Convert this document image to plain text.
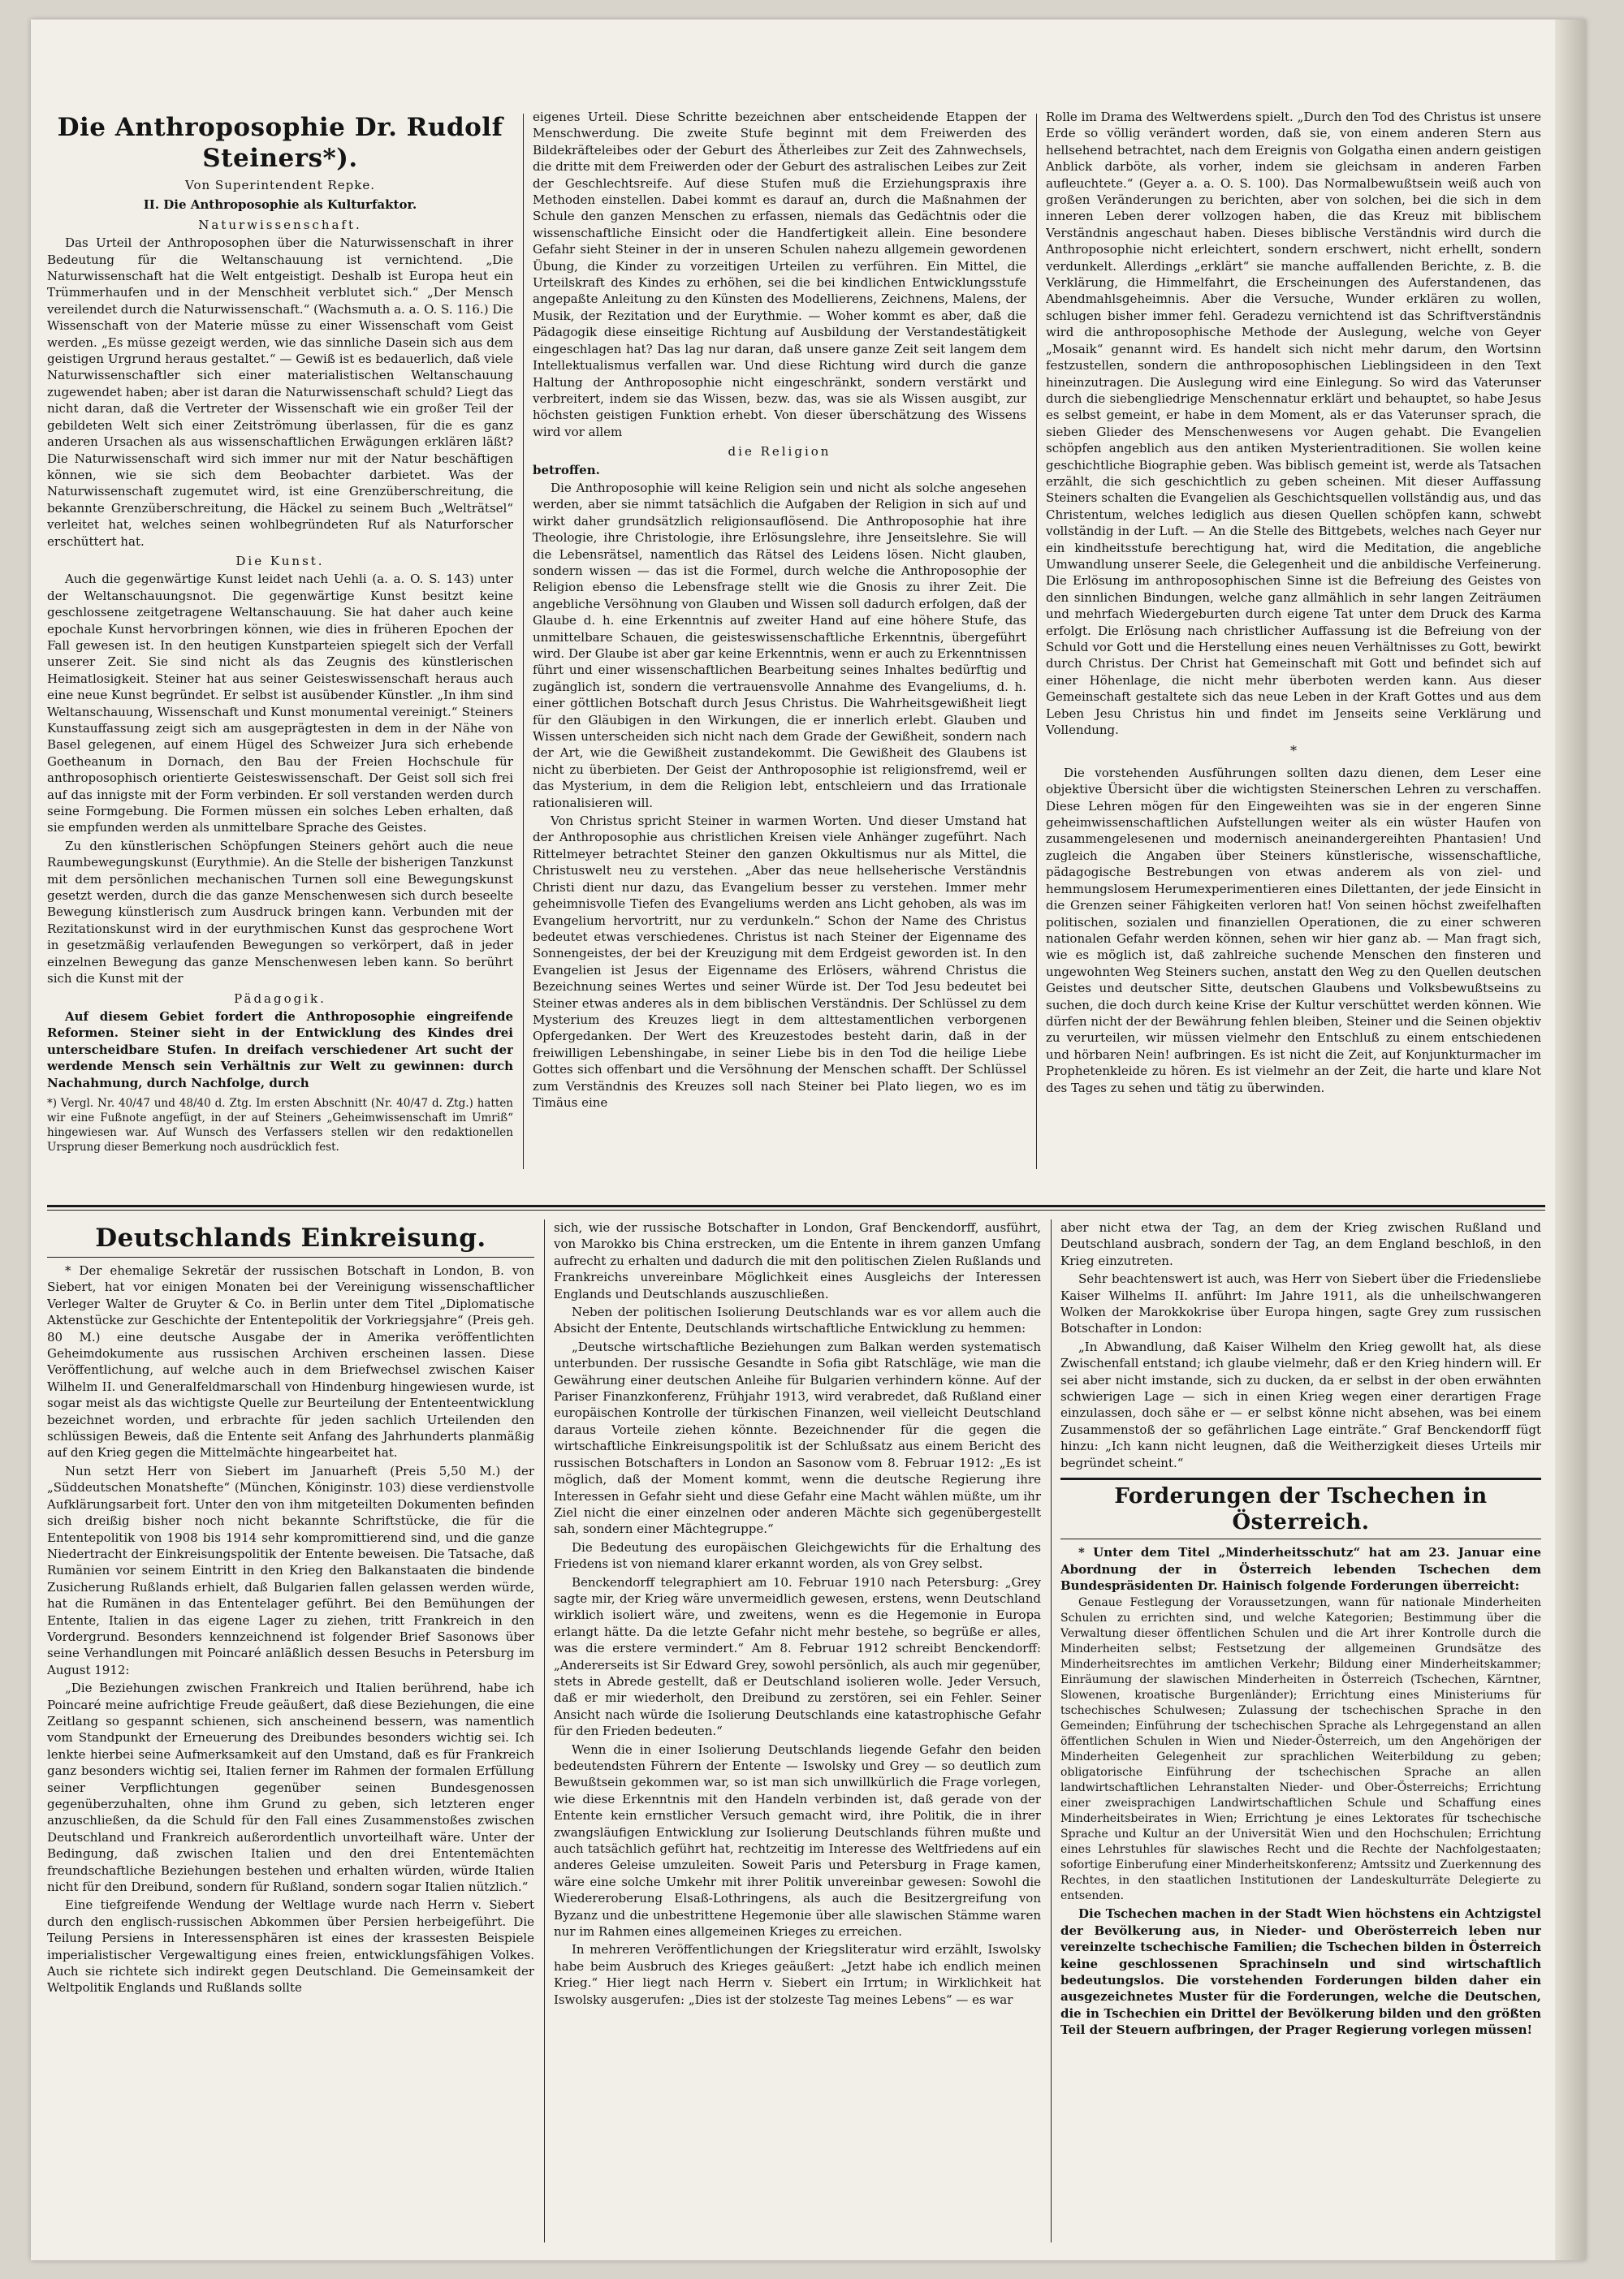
Die Anthroposophie Dr. Rudolf Steiners*).
Von Superintendent Repke.
II. Die Anthroposophie als Kulturfaktor.
Naturwissenschaft.

Das Urteil der Anthroposophen über die Naturwissenschaft in ihrer Bedeutung für die Weltanschauung ist vernichtend. „Die Naturwissenschaft hat die Welt entgeistigt. Deshalb ist Europa heut ein Trümmerhaufen und in der Menschheit verblutet sich.“ „Der Mensch vereilendet durch die Naturwissenschaft.“ (Wachsmuth a. a. O. S. 116.) Die Wissenschaft von der Materie müsse zu einer Wissenschaft vom Geist werden. „Es müsse gezeigt werden, wie das sinnliche Dasein sich aus dem geistigen Urgrund heraus gestaltet.“ — Gewiß ist es bedauerlich, daß viele Naturwissenschaftler sich einer materialistischen Weltanschauung zugewendet haben; aber ist daran die Naturwissenschaft schuld? Liegt das nicht daran, daß die Vertreter der Wissenschaft wie ein großer Teil der gebildeten Welt sich einer Zeitströmung überlassen, für die es ganz anderen Ursachen als aus wissenschaftlichen Erwägungen erklären läßt? Die Naturwissenschaft wird sich immer nur mit der Natur beschäftigen können, wie sie sich dem Beobachter darbietet. Was der Naturwissenschaft zugemutet wird, ist eine Grenzüberschreitung, die bekannte Grenzüberschreitung, die Häckel zu seinem Buch „Welträtsel“ verleitet hat, welches seinen wohlbegründeten Ruf als Naturforscher erschüttert hat.

Die Kunst.

Auch die gegenwärtige Kunst leidet nach Uehli (a. a. O. S. 143) unter der Weltanschauungsnot. Die gegenwärtige Kunst besitzt keine geschlossene zeitgetragene Weltanschauung. Sie hat daher auch keine epochale Kunst hervorbringen können, wie dies in früheren Epochen der Fall gewesen ist. In den heutigen Kunstparteien spiegelt sich der Verfall unserer Zeit. Sie sind nicht als das Zeugnis des künstlerischen Heimatlosigkeit. Steiner hat aus seiner Geisteswissenschaft heraus auch eine neue Kunst begründet. Er selbst ist ausübender Künstler. „In ihm sind Weltanschauung, Wissenschaft und Kunst monumental vereinigt.“ Steiners Kunstauffassung zeigt sich am ausgeprägtesten in dem in der Nähe von Basel gelegenen, auf einem Hügel des Schweizer Jura sich erhebende Goetheanum in Dornach, den Bau der Freien Hochschule für anthroposophisch orientierte Geisteswissenschaft. Der Geist soll sich frei auf das innigste mit der Form verbinden. Er soll verstanden werden durch seine Formgebung. Die Formen müssen ein solches Leben erhalten, daß sie empfunden werden als unmittelbare Sprache des Geistes.

Zu den künstlerischen Schöpfungen Steiners gehört auch die neue Raumbewegungskunst (Eurythmie). An die Stelle der bisherigen Tanzkunst mit dem persönlichen mechanischen Turnen soll eine Bewegungskunst gesetzt werden, durch die das ganze Menschenwesen sich durch beseelte Bewegung künstlerisch zum Ausdruck bringen kann. Verbunden mit der Rezitationskunst wird in der eurythmischen Kunst das gesprochene Wort in gesetzmäßig verlaufenden Bewegungen so verkörpert, daß in jeder einzelnen Bewegung das ganze Menschenwesen leben kann. So berührt sich die Kunst mit der

Pädagogik.

Auf diesem Gebiet fordert die Anthroposophie eingreifende Reformen. Steiner sieht in der Entwicklung des Kindes drei unterscheidbare Stufen. In dreifach verschiedener Art sucht der werdende Mensch sein Verhältnis zur Welt zu gewinnen: durch Nachahmung, durch Nachfolge, durch

*) Vergl. Nr. 40/47 und 48/40 d. Ztg. Im ersten Abschnitt (Nr. 40/47 d. Ztg.) hatten wir eine Fußnote angefügt, in der auf Steiners „Geheimwissenschaft im Umriß“ hingewiesen war. Auf Wunsch des Verfassers stellen wir den redaktionellen Ursprung dieser Bemerkung noch ausdrücklich fest.

eigenes Urteil. Diese Schritte bezeichnen aber entscheidende Etappen der Menschwerdung. Die zweite Stufe beginnt mit dem Freiwerden des Bildekräfteleibes oder der Geburt des Ätherleibes zur Zeit des Zahnwechsels, die dritte mit dem Freiwerden oder der Geburt des astralischen Leibes zur Zeit der Geschlechtsreife. Auf diese Stufen muß die Erziehungspraxis ihre Methoden einstellen. Dabei kommt es darauf an, durch die Maßnahmen der Schule den ganzen Menschen zu erfassen, niemals das Gedächtnis oder die wissenschaftliche Einsicht oder die Handfertigkeit allein. Eine besondere Gefahr sieht Steiner in der in unseren Schulen nahezu allgemein gewordenen Übung, die Kinder zu vorzeitigen Urteilen zu verführen. Ein Mittel, die Urteilskraft des Kindes zu erhöhen, sei die bei kindlichen Entwicklungsstufe angepaßte Anleitung zu den Künsten des Modellierens, Zeichnens, Malens, der Musik, der Rezitation und der Eurythmie. — Woher kommt es aber, daß die Pädagogik diese einseitige Richtung auf Ausbildung der Verstandestätigkeit eingeschlagen hat? Das lag nur daran, daß unsere ganze Zeit seit langem dem Intellektualismus verfallen war. Und diese Richtung wird durch die ganze Haltung der Anthroposophie nicht eingeschränkt, sondern verstärkt und verbreitert, indem sie das Wissen, bezw. das, was sie als Wissen ausgibt, zur höchsten geistigen Funktion erhebt. Von dieser überschätzung des Wissens wird vor allem

die Religion

betroffen.

Die Anthroposophie will keine Religion sein und nicht als solche angesehen werden, aber sie nimmt tatsächlich die Aufgaben der Religion in sich auf und wirkt daher grundsätzlich religionsauflösend. Die Anthroposophie hat ihre Theologie, ihre Christologie, ihre Erlösungslehre, ihre Jenseitslehre. Sie will die Lebensrätsel, namentlich das Rätsel des Leidens lösen. Nicht glauben, sondern wissen — das ist die Formel, durch welche die Anthroposophie der Religion ebenso die Lebensfrage stellt wie die Gnosis zu ihrer Zeit. Die angebliche Versöhnung von Glauben und Wissen soll dadurch erfolgen, daß der Glaube d. h. eine Erkenntnis auf zweiter Hand auf eine höhere Stufe, das unmittelbare Schauen, die geisteswissenschaftliche Erkenntnis, übergeführt wird. Der Glaube ist aber gar keine Erkenntnis, wenn er auch zu Erkenntnissen führt und einer wissenschaftlichen Bearbeitung seines Inhaltes bedürftig und zugänglich ist, sondern die vertrauensvolle Annahme des Evangeliums, d. h. einer göttlichen Botschaft durch Jesus Christus. Die Wahrheitsgewißheit liegt für den Gläubigen in den Wirkungen, die er innerlich erlebt. Glauben und Wissen unterscheiden sich nicht nach dem Grade der Gewißheit, sondern nach der Art, wie die Gewißheit zustandekommt. Die Gewißheit des Glaubens ist nicht zu überbieten. Der Geist der Anthroposophie ist religionsfremd, weil er das Mysterium, in dem die Religion lebt, entschleiern und das Irrationale rationalisieren will.

Von Christus spricht Steiner in warmen Worten. Und dieser Umstand hat der Anthroposophie aus christlichen Kreisen viele Anhänger zugeführt. Nach Rittelmeyer betrachtet Steiner den ganzen Okkultismus nur als Mittel, die Christuswelt neu zu verstehen. „Aber das neue hellseherische Verständnis Christi dient nur dazu, das Evangelium besser zu verstehen. Immer mehr geheimnisvolle Tiefen des Evangeliums werden ans Licht gehoben, als was im Evangelium hervortritt, nur zu verdunkeln.“ Schon der Name des Christus bedeutet etwas verschiedenes. Christus ist nach Steiner der Eigenname des Sonnengeistes, der bei der Kreuzigung mit dem Erdgeist geworden ist. In den Evangelien ist Jesus der Eigenname des Erlösers, während Christus die Bezeichnung seines Wertes und seiner Würde ist. Der Tod Jesu bedeutet bei Steiner etwas anderes als in dem biblischen Verständnis. Der Schlüssel zu dem Mysterium des Kreuzes liegt in dem alttestamentlichen verborgenen Opfergedanken. Der Wert des Kreuzestodes besteht darin, daß in der freiwilligen Lebenshingabe, in seiner Liebe bis in den Tod die heilige Liebe Gottes sich offenbart und die Versöhnung der Menschen schafft. Der Schlüssel zum Verständnis des Kreuzes soll nach Steiner bei Plato liegen, wo es im Timäus eine

Rolle im Drama des Weltwerdens spielt. „Durch den Tod des Christus ist unsere Erde so völlig verändert worden, daß sie, von einem anderen Stern aus hellsehend betrachtet, nach dem Ereignis von Golgatha einen andern geistigen Anblick darböte, als vorher, indem sie gleichsam in anderen Farben aufleuchtete.“ (Geyer a. a. O. S. 100). Das Normalbewußtsein weiß auch von großen Veränderungen zu berichten, aber von solchen, bei die sich in dem inneren Leben derer vollzogen haben, die das Kreuz mit biblischem Verständnis angeschaut haben. Dieses biblische Verständnis wird durch die Anthroposophie nicht erleichtert, sondern erschwert, nicht erhellt, sondern verdunkelt. Allerdings „erklärt“ sie manche auffallenden Berichte, z. B. die Verklärung, die Himmelfahrt, die Erscheinungen des Auferstandenen, das Abendmahlsgeheimnis. Aber die Versuche, Wunder erklären zu wollen, schlugen bisher immer fehl. Geradezu vernichtend ist das Schriftverständnis wird die anthroposophische Methode der Auslegung, welche von Geyer „Mosaik“ genannt wird. Es handelt sich nicht mehr darum, den Wortsinn festzustellen, sondern die anthroposophischen Lieblingsideen in den Text hineinzutragen. Die Auslegung wird eine Einlegung. So wird das Vaterunser durch die siebengliedrige Menschennatur erklärt und behauptet, so habe Jesus es selbst gemeint, er habe in dem Moment, als er das Vaterunser sprach, die sieben Glieder des Menschenwesens vor Augen gehabt. Die Evangelien schöpfen angeblich aus den antiken Mysterientraditionen. Sie wollen keine geschichtliche Biographie geben. Was biblisch gemeint ist, werde als Tatsachen erzählt, die sich geschichtlich zu geben scheinen. Mit dieser Auffassung Steiners schalten die Evangelien als Geschichtsquellen vollständig aus, und das Christentum, welches lediglich aus diesen Quellen schöpfen kann, schwebt vollständig in der Luft. — An die Stelle des Bittgebets, welches nach Geyer nur ein kindheitsstufe berechtigung hat, wird die Meditation, die angebliche Umwandlung unserer Seele, die Gelegenheit und die anbildische Verfeinerung. Die Erlösung im anthroposophischen Sinne ist die Befreiung des Geistes von den sinnlichen Bindungen, welche ganz allmählich in sehr langen Zeiträumen und mehrfach Wiedergeburten durch eigene Tat unter dem Druck des Karma erfolgt. Die Erlösung nach christlicher Auffassung ist die Befreiung von der Schuld vor Gott und die Herstellung eines neuen Verhältnisses zu Gott, bewirkt durch Christus. Der Christ hat Gemeinschaft mit Gott und befindet sich auf einer Höhenlage, die nicht mehr überboten werden kann. Aus dieser Gemeinschaft gestaltete sich das neue Leben in der Kraft Gottes und aus dem Leben Jesu Christus hin und findet im Jenseits seine Verklärung und Vollendung.

*

Die vorstehenden Ausführungen sollten dazu dienen, dem Leser eine objektive Übersicht über die wichtigsten Steinerschen Lehren zu verschaffen. Diese Lehren mögen für den Eingeweihten was sie in der engeren Sinne geheimwissenschaftlichen Aufstellungen weiter als ein wüster Haufen von zusammengelesenen und modernisch aneinandergereihten Phantasien! Und zugleich die Angaben über Steiners künstlerische, wissenschaftliche, pädagogische Bestrebungen von etwas anderem als von ziel- und hemmungslosem Herumexperimentieren eines Dilettanten, der jede Einsicht in die Grenzen seiner Fähigkeiten verloren hat! Von seinen höchst zweifelhaften politischen, sozialen und finanziellen Operationen, die zu einer schweren nationalen Gefahr werden können, sehen wir hier ganz ab. — Man fragt sich, wie es möglich ist, daß zahlreiche suchende Menschen den finsteren und ungewohnten Weg Steiners suchen, anstatt den Weg zu den Quellen deutschen Geistes und deutscher Sitte, deutschen Glaubens und Volksbewußtseins zu suchen, die doch durch keine Krise der Kultur verschüttet werden können. Wie dürfen nicht der der Bewährung fehlen bleiben, Steiner und die Seinen objektiv zu verurteilen, wir müssen vielmehr den Entschluß zu einem entschiedenen und hörbaren Nein! aufbringen. Es ist nicht die Zeit, auf Konjunkturmacher im Prophetenkleide zu hören. Es ist vielmehr an der Zeit, die harte und klare Not des Tages zu sehen und tätig zu überwinden.

Deutschlands Einkreisung.

* Der ehemalige Sekretär der russischen Botschaft in London, B. von Siebert, hat vor einigen Monaten bei der Vereinigung wissenschaftlicher Verleger Walter de Gruyter & Co. in Berlin unter dem Titel „Diplomatische Aktenstücke zur Geschichte der Ententepolitik der Vorkriegsjahre“ (Preis geh. 80 M.) eine deutsche Ausgabe der in Amerika veröffentlichten Geheimdokumente aus russischen Archiven erscheinen lassen. Diese Veröffentlichung, auf welche auch in dem Briefwechsel zwischen Kaiser Wilhelm II. und Generalfeldmarschall von Hindenburg hingewiesen wurde, ist sogar meist als das wichtigste Quelle zur Beurteilung der Ententeentwicklung bezeichnet worden, und erbrachte für jeden sachlich Urteilenden den schlüssigen Beweis, daß die Entente seit Anfang des Jahrhunderts planmäßig auf den Krieg gegen die Mittelmächte hingearbeitet hat.

Nun setzt Herr von Siebert im Januarheft (Preis 5,50 M.) der „Süddeutschen Monatshefte“ (München, Königinstr. 103) diese verdienstvolle Aufklärungsarbeit fort. Unter den von ihm mitgeteilten Dokumenten befinden sich dreißig bisher noch nicht bekannte Schriftstücke, die für die Ententepolitik von 1908 bis 1914 sehr kompromittierend sind, und die ganze Niedertracht der Einkreisungspolitik der Entente beweisen. Die Tatsache, daß Rumänien vor seinem Eintritt in den Krieg den Balkanstaaten die bindende Zusicherung Rußlands erhielt, daß Bulgarien fallen gelassen werden würde, hat die Rumänen in das Ententelager geführt. Bei den Bemühungen der Entente, Italien in das eigene Lager zu ziehen, tritt Frankreich in den Vordergrund. Besonders kennzeichnend ist folgender Brief Sasonows über seine Verhandlungen mit Poincaré anläßlich dessen Besuchs in Petersburg im August 1912:

„Die Beziehungen zwischen Frankreich und Italien berührend, habe ich Poincaré meine aufrichtige Freude geäußert, daß diese Beziehungen, die eine Zeitlang so gespannt schienen, sich anscheinend bessern, was namentlich vom Standpunkt der Erneuerung des Dreibundes besonders wichtig sei. Ich lenkte hierbei seine Aufmerksamkeit auf den Umstand, daß es für Frankreich ganz besonders wichtig sei, Italien ferner im Rahmen der formalen Erfüllung seiner Verpflichtungen gegenüber seinen Bundesgenossen gegenüberzuhalten, ohne ihm Grund zu geben, sich letzteren enger anzuschließen, da die Schuld für den Fall eines Zusammenstoßes zwischen Deutschland und Frankreich außerordentlich unvorteilhaft wäre. Unter der Bedingung, daß zwischen Italien und den drei Ententemächten freundschaftliche Beziehungen bestehen und erhalten würden, würde Italien nicht für den Dreibund, sondern für Rußland, sondern sogar Italien nützlich.“

Eine tiefgreifende Wendung der Weltlage wurde nach Herrn v. Siebert durch den englisch-russischen Abkommen über Persien herbeigeführt. Die Teilung Persiens in Interessensphären ist eines der krassesten Beispiele imperialistischer Vergewaltigung eines freien, entwicklungsfähigen Volkes. Auch sie richtete sich indirekt gegen Deutschland. Die Gemeinsamkeit der Weltpolitik Englands und Rußlands sollte

sich, wie der russische Botschafter in London, Graf Benckendorff, ausführt, von Marokko bis China erstrecken, um die Entente in ihrem ganzen Umfang aufrecht zu erhalten und dadurch die mit den politischen Zielen Rußlands und Frankreichs unvereinbare Möglichkeit eines Ausgleichs der Interessen Englands und Deutschlands auszuschließen.

Neben der politischen Isolierung Deutschlands war es vor allem auch die Absicht der Entente, Deutschlands wirtschaftliche Entwicklung zu hemmen:

„Deutsche wirtschaftliche Beziehungen zum Balkan werden systematisch unterbunden. Der russische Gesandte in Sofia gibt Ratschläge, wie man die Gewährung einer deutschen Anleihe für Bulgarien verhindern könne. Auf der Pariser Finanzkonferenz, Frühjahr 1913, wird verabredet, daß Rußland einer europäischen Kontrolle der türkischen Finanzen, weil vielleicht Deutschland daraus Vorteile ziehen könnte. Bezeichnender für die gegen die wirtschaftliche Einkreisungspolitik ist der Schlußsatz aus einem Bericht des russischen Botschafters in London an Sasonow vom 8. Februar 1912: „Es ist möglich, daß der Moment kommt, wenn die deutsche Regierung ihre Interessen in Gefahr sieht und diese Gefahr eine Macht wählen müßte, um ihr Ziel nicht die einer einzelnen oder anderen Mächte sich gegenübergestellt sah, sondern einer Mächtegruppe.“

Die Bedeutung des europäischen Gleichgewichts für die Erhaltung des Friedens ist von niemand klarer erkannt worden, als von Grey selbst.

Benckendorff telegraphiert am 10. Februar 1910 nach Petersburg: „Grey sagte mir, der Krieg wäre unvermeidlich gewesen, erstens, wenn Deutschland wirklich isoliert wäre, und zweitens, wenn es die Hegemonie in Europa erlangt hätte. Da die letzte Gefahr nicht mehr bestehe, so begrüße er alles, was die erstere vermindert.“ Am 8. Februar 1912 schreibt Benckendorff: „Andererseits ist Sir Edward Grey, sowohl persönlich, als auch mir gegenüber, stets in Abrede gestellt, daß er Deutschland isolieren wolle. Jeder Versuch, daß er mir wiederholt, den Dreibund zu zerstören, sei ein Fehler. Seiner Ansicht nach würde die Isolierung Deutschlands eine katastrophische Gefahr für den Frieden bedeuten.“

Wenn die in einer Isolierung Deutschlands liegende Gefahr den beiden bedeutendsten Führern der Entente — Iswolsky und Grey — so deutlich zum Bewußtsein gekommen war, so ist man sich unwillkürlich die Frage vorlegen, wie diese Erkenntnis mit den Handeln verbinden ist, daß gerade von der Entente kein ernstlicher Versuch gemacht wird, ihre Politik, die in ihrer zwangsläufigen Entwicklung zur Isolierung Deutschlands führen mußte und auch tatsächlich geführt hat, rechtzeitig im Interesse des Weltfriedens auf ein anderes Geleise umzuleiten. Soweit Paris und Petersburg in Frage kamen, wäre eine solche Umkehr mit ihrer Politik unvereinbar gewesen: Sowohl die Wiedereroberung Elsaß-Lothringens, als auch die Besitzergreifung von Byzanz und die unbestrittene Hegemonie über alle slawischen Stämme waren nur im Rahmen eines allgemeinen Krieges zu erreichen.

In mehreren Veröffentlichungen der Kriegsliteratur wird erzählt, Iswolsky habe beim Ausbruch des Krieges geäußert: „Jetzt habe ich endlich meinen Krieg.“ Hier liegt nach Herrn v. Siebert ein Irrtum; in Wirklichkeit hat Iswolsky ausgerufen: „Dies ist der stolzeste Tag meines Lebens“ — es war

aber nicht etwa der Tag, an dem der Krieg zwischen Rußland und Deutschland ausbrach, sondern der Tag, an dem England beschloß, in den Krieg einzutreten.

Sehr beachtenswert ist auch, was Herr von Siebert über die Friedensliebe Kaiser Wilhelms II. anführt: Im Jahre 1911, als die unheilschwangeren Wolken der Marokkokrise über Europa hingen, sagte Grey zum russischen Botschafter in London:

„In Abwandlung, daß Kaiser Wilhelm den Krieg gewollt hat, als diese Zwischenfall entstand; ich glaube vielmehr, daß er den Krieg hindern will. Er sei aber nicht imstande, sich zu ducken, da er selbst in der oben erwähnten schwierigen Lage — sich in einen Krieg wegen einer derartigen Frage einzulassen, doch sähe er — er selbst könne nicht absehen, was bei einem Zusammenstoß der so gefährlichen Lage einträte.“ Graf Benckendorff fügt hinzu: „Ich kann nicht leugnen, daß die Weitherzigkeit dieses Urteils mir begründet scheint.“

Forderungen der Tschechen in Österreich.

* Unter dem Titel „Minderheitsschutz“ hat am 23. Januar eine Abordnung der in Österreich lebenden Tschechen dem Bundespräsidenten Dr. Hainisch folgende Forderungen überreicht:

Genaue Festlegung der Voraussetzungen, wann für nationale Minderheiten Schulen zu errichten sind, und welche Kategorien; Bestimmung über die Verwaltung dieser öffentlichen Schulen und die Art ihrer Kontrolle durch die Minderheiten selbst; Festsetzung der allgemeinen Grundsätze des Minderheitsrechtes im amtlichen Verkehr; Bildung einer Minderheitskammer; Einräumung der slawischen Minderheiten in Österreich (Tschechen, Kärntner, Slowenen, kroatische Burgenländer); Errichtung eines Ministeriums für tschechisches Schulwesen; Zulassung der tschechischen Sprache in den Gemeinden; Einführung der tschechischen Sprache als Lehrgegenstand an allen öffentlichen Schulen in Wien und Nieder-Österreich, um den Angehörigen der Minderheiten Gelegenheit zur sprachlichen Weiterbildung zu geben; obligatorische Einführung der tschechischen Sprache an allen landwirtschaftlichen Lehranstalten Nieder- und Ober-Österreichs; Errichtung einer zweisprachigen Landwirtschaftlichen Schule und Schaffung eines Minderheitsbeirates in Wien; Errichtung je eines Lektorates für tschechische Sprache und Kultur an der Universität Wien und den Hochschulen; Errichtung eines Lehrstuhles für slawisches Recht und die Rechte der Nachfolgestaaten; sofortige Einberufung einer Minderheitskonferenz; Amtssitz und Zuerkennung des Rechtes, in den staatlichen Institutionen der Landeskulturräte Delegierte zu entsenden.

Die Tschechen machen in der Stadt Wien höchstens ein Achtzigstel der Bevölkerung aus, in Nieder- und Oberösterreich leben nur vereinzelte tschechische Familien; die Tschechen bilden in Österreich keine geschlossenen Sprachinseln und sind wirtschaftlich bedeutungslos. Die vorstehenden Forderungen bilden daher ein ausgezeichnetes Muster für die Forderungen, welche die Deutschen, die in Tschechien ein Drittel der Bevölkerung bilden und den größten Teil der Steuern aufbringen, der Prager Regierung vorlegen müssen!
